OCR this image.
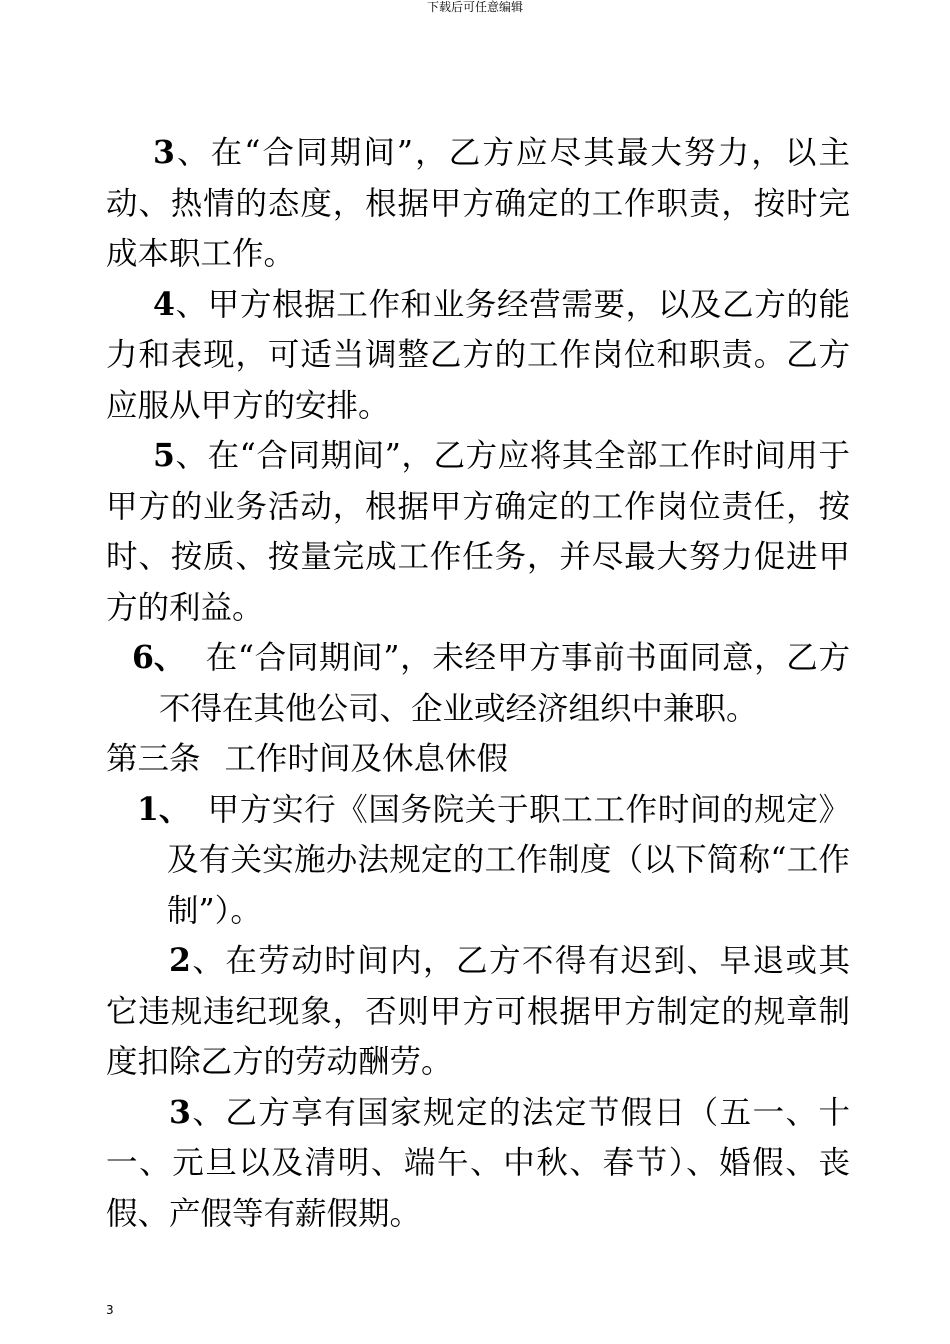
下载后可任意编辑

3、在“合同期间”，乙方应尽其最大努力，以主动、热情的态度，根据甲方确定的工作职责，按时完成本职工作。

4、甲方根据工作和业务经营需要，以及乙方的能力和表现，可适当调整乙方的工作岗位和职责。乙方应服从甲方的安排。

5、在“合同期间”，乙方应将其全部工作时间用于甲方的业务活动，根据甲方确定的工作岗位责任，按时、按质、按量完成工作任务，并尽最大努力促进甲方的利益。

6、 在“合同期间”，未经甲方事前书面同意，乙方不得在其他公司、企业或经济组织中兼职。

第三条 工作时间及休息休假

1、 甲方实行《国务院关于职工工作时间的规定》及有关实施办法规定的工作制度（以下简称“工作制”）。

2、在劳动时间内，乙方不得有迟到、早退或其它违规违纪现象，否则甲方可根据甲方制定的规章制度扣除乙方的劳动酬劳。

3、乙方享有国家规定的法定节假日（五一、十一、元旦以及清明、端午、中秋、春节）、婚假、丧假、产假等有薪假期。

3
